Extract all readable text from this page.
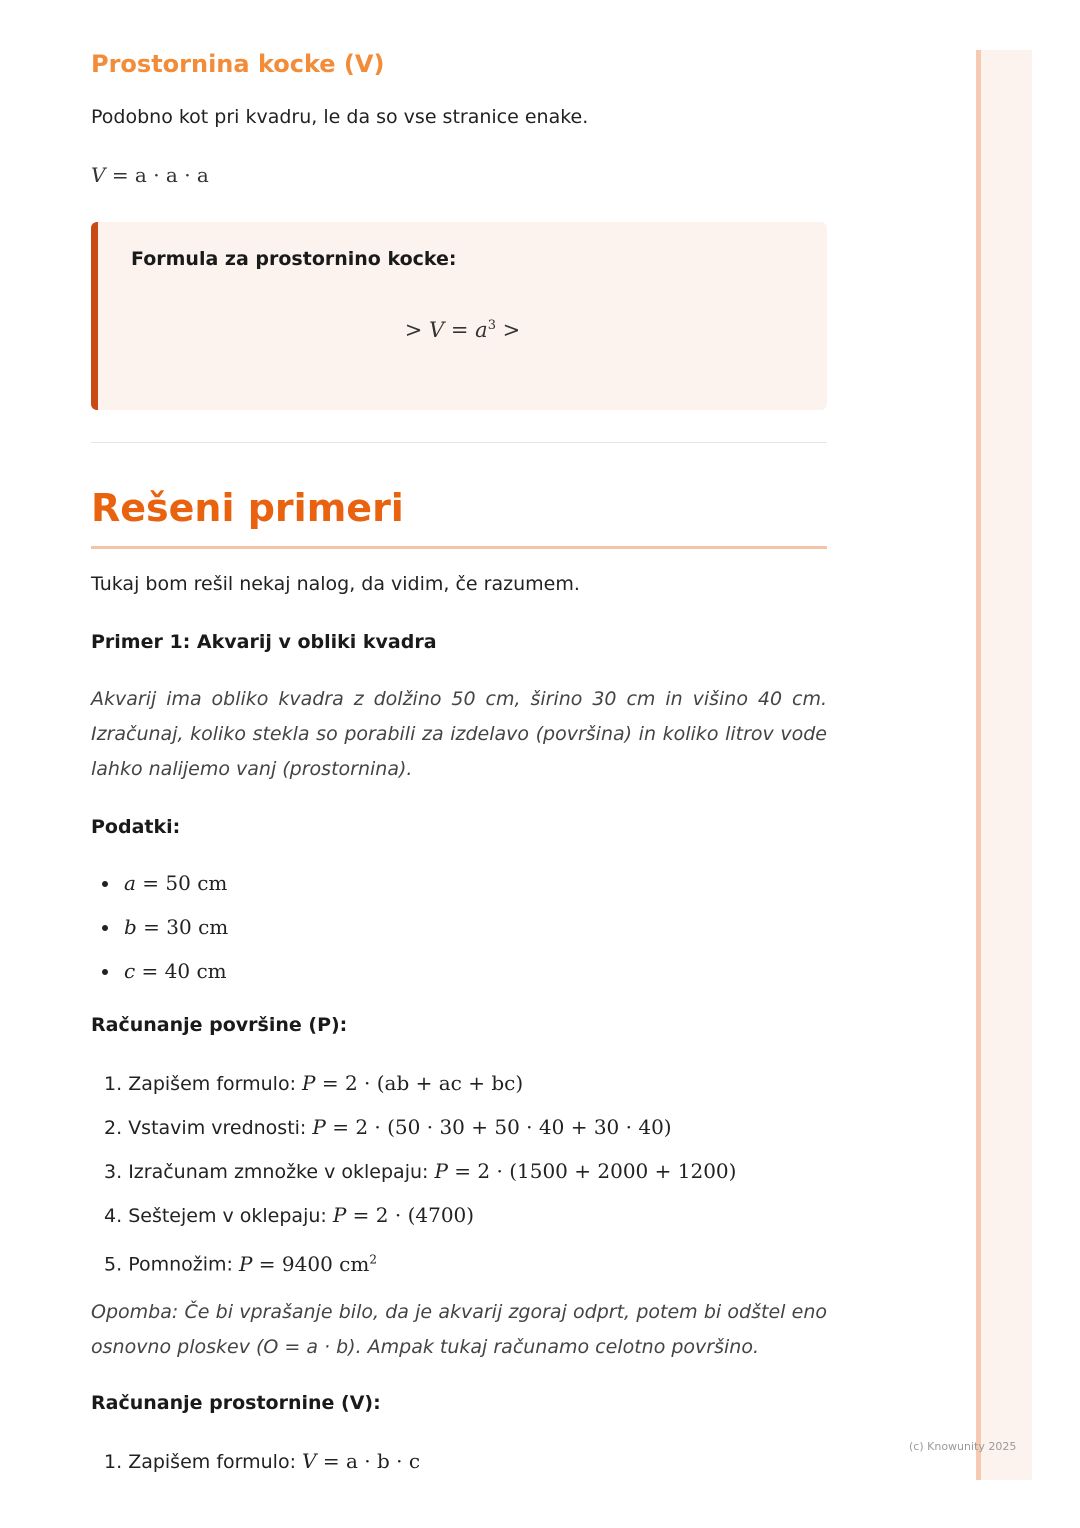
Prostornina kocke (V)

Podobno kot pri kvadru, le da so vse stranice enake.

V = a · a · a
Formula za prostornino kocke:
> $V = a^3$ >
Rešeni primeri

Tukaj bom rešil nekaj nalog, da vidim, če razumem.

Primer 1: Akvarij v obliki kvadra

Akvarij ima obliko kvadra z dolžino 50 cm, širino 30 cm in višino 40 cm. Izračunaj, koliko stekla so porabili za izdelavo (površina) in koliko litrov vode lahko nalijemo vanj (prostornina).

Podatki:

a = 50 cm
b = 30 cm
c = 40 cm

Računanje površine (P):

1. Zapišem formulo: P = 2 · (ab + ac + bc)
2. Vstavim vrednosti: P = 2 · (50 · 30 + 50 · 40 + 30 · 40)
3. Izračunam zmnožke v oklepaju: P = 2 · (1500 + 2000 + 1200)
4. Seštejem v oklepaju: P = 2 · (4700)
5. Pomnožim: P = 9400 $cm^2$

Opomba: Če bi vprašanje bilo, da je akvarij zgoraj odprt, potem bi odštel eno osnovno ploskev (O = a · b). Ampak tukaj računamo celotno površino.

Računanje prostornine (V):

1. Zapišem formulo: V = a · b · c
(c) Knowunity 2025
